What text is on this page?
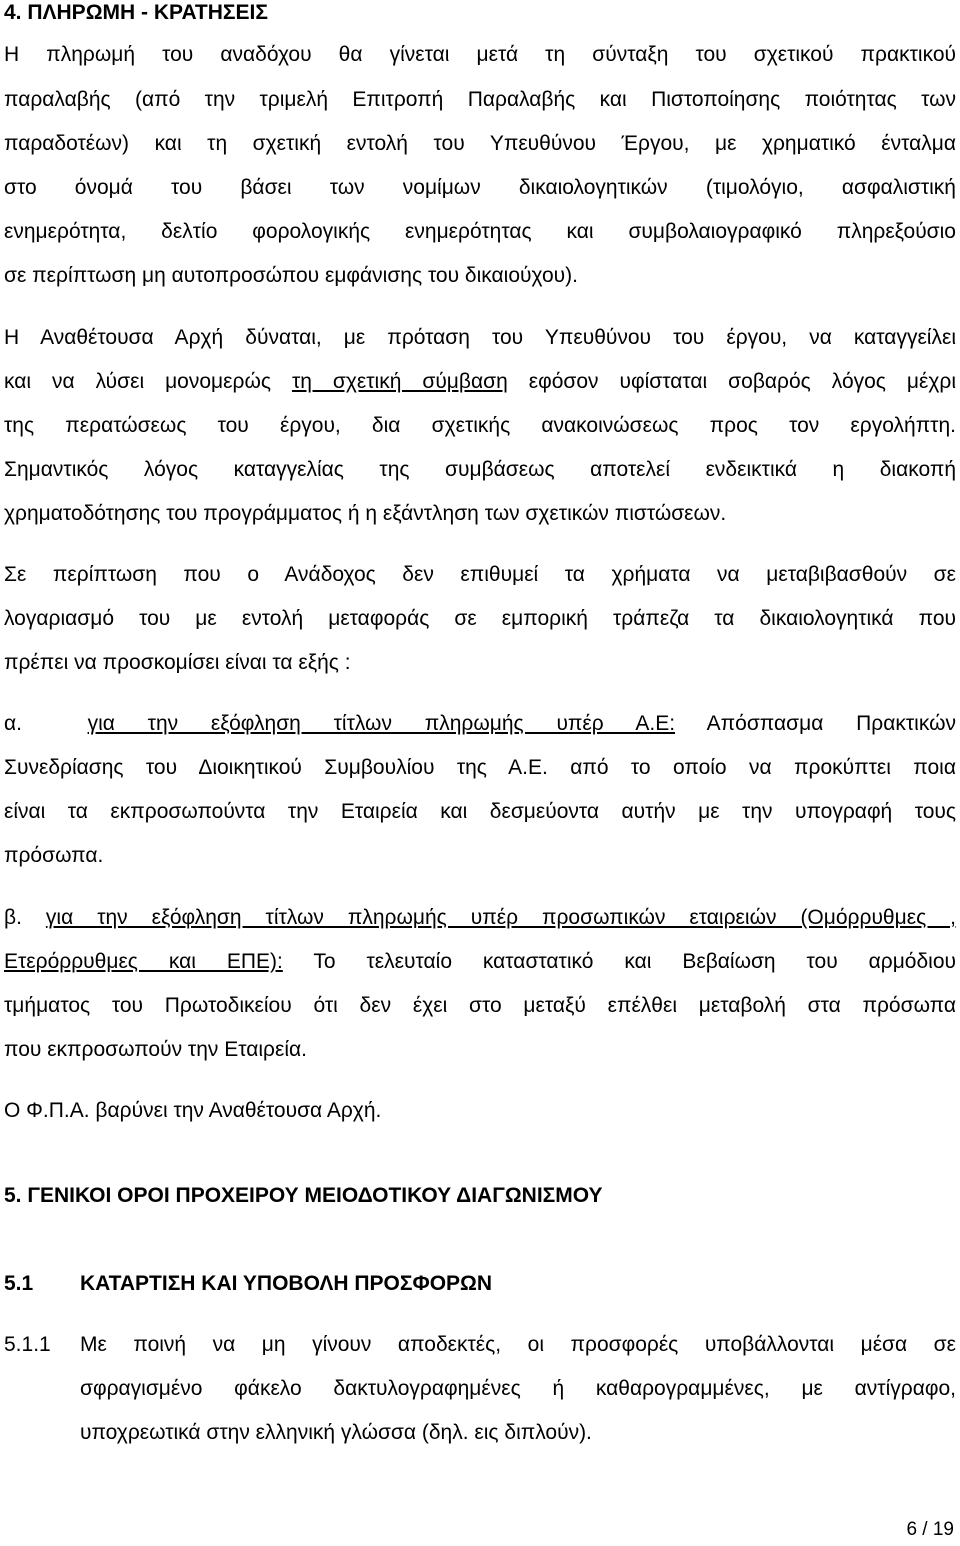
4. ΠΛΗΡΩΜΗ - ΚΡΑΤΗΣΕΙΣ
Η πληρωμή του αναδόχου θα γίνεται μετά τη σύνταξη του σχετικού πρακτικού
παραλαβής (από την τριμελή Επιτροπή Παραλαβής και Πιστοποίησης ποιότητας των
παραδοτέων) και τη σχετική εντολή του Υπευθύνου Έργου, με χρηματικό ένταλμα
στο όνομά του βάσει των νομίμων δικαιολογητικών (τιμολόγιο, ασφαλιστική
ενημερότητα, δελτίο φορολογικής ενημερότητας και συμβολαιογραφικό πληρεξούσιο
σε περίπτωση μη αυτοπροσώπου εμφάνισης του δικαιούχου).
Η Αναθέτουσα Αρχή δύναται, με πρόταση του Υπευθύνου του έργου, να καταγγείλει
και να λύσει μονομερώς τη σχετική σύμβαση εφόσον υφίσταται σοβαρός λόγος μέχρι
της περατώσεως του έργου, δια σχετικής ανακοινώσεως προς τον εργολήπτη.
Σημαντικός λόγος καταγγελίας της συμβάσεως αποτελεί ενδεικτικά η διακοπή
χρηματοδότησης του προγράμματος ή η εξάντληση των σχετικών πιστώσεων.
Σε περίπτωση που ο Ανάδοχος δεν επιθυμεί τα χρήματα να μεταβιβασθούν σε
λογαριασμό του με εντολή μεταφοράς σε εμπορική τράπεζα τα δικαιολογητικά που
πρέπει να προσκομίσει είναι τα εξής :
α.	για την εξόφληση τίτλων πληρωμής υπέρ Α.Ε: Απόσπασμα Πρακτικών
Συνεδρίασης του Διοικητικού Συμβουλίου της Α.Ε. από το οποίο να προκύπτει ποια
είναι τα εκπροσωπούντα την Εταιρεία και δεσμεύοντα αυτήν με την υπογραφή τους
πρόσωπα.
β. για την εξόφληση τίτλων πληρωμής υπέρ προσωπικών εταιρειών (Ομόρρυθμες ,
Ετερόρρυθμες και ΕΠΕ): Το τελευταίο καταστατικό και Βεβαίωση του αρμόδιου
τμήματος του Πρωτοδικείου ότι δεν έχει στο μεταξύ επέλθει μεταβολή στα πρόσωπα
που εκπροσωπούν την Εταιρεία.
Ο Φ.Π.Α. βαρύνει την Αναθέτουσα Αρχή.
5. ΓΕΝΙΚΟΙ ΟΡΟΙ ΠΡΟΧΕΙΡΟΥ ΜΕΙΟΔΟΤΙΚΟΥ ΔΙΑΓΩΝΙΣΜΟΥ
5.1 ΚΑΤΑΡΤΙΣΗ ΚΑΙ ΥΠΟΒΟΛΗ ΠΡΟΣΦΟΡΩΝ
5.1.1 Με ποινή να μη γίνουν αποδεκτές, οι προσφορές υποβάλλονται μέσα σε
σφραγισμένο φάκελο δακτυλογραφημένες ή καθαρογραμμένες, με αντίγραφο,
υποχρεωτικά στην ελληνική γλώσσα (δηλ. εις διπλούν).
6 / 19
